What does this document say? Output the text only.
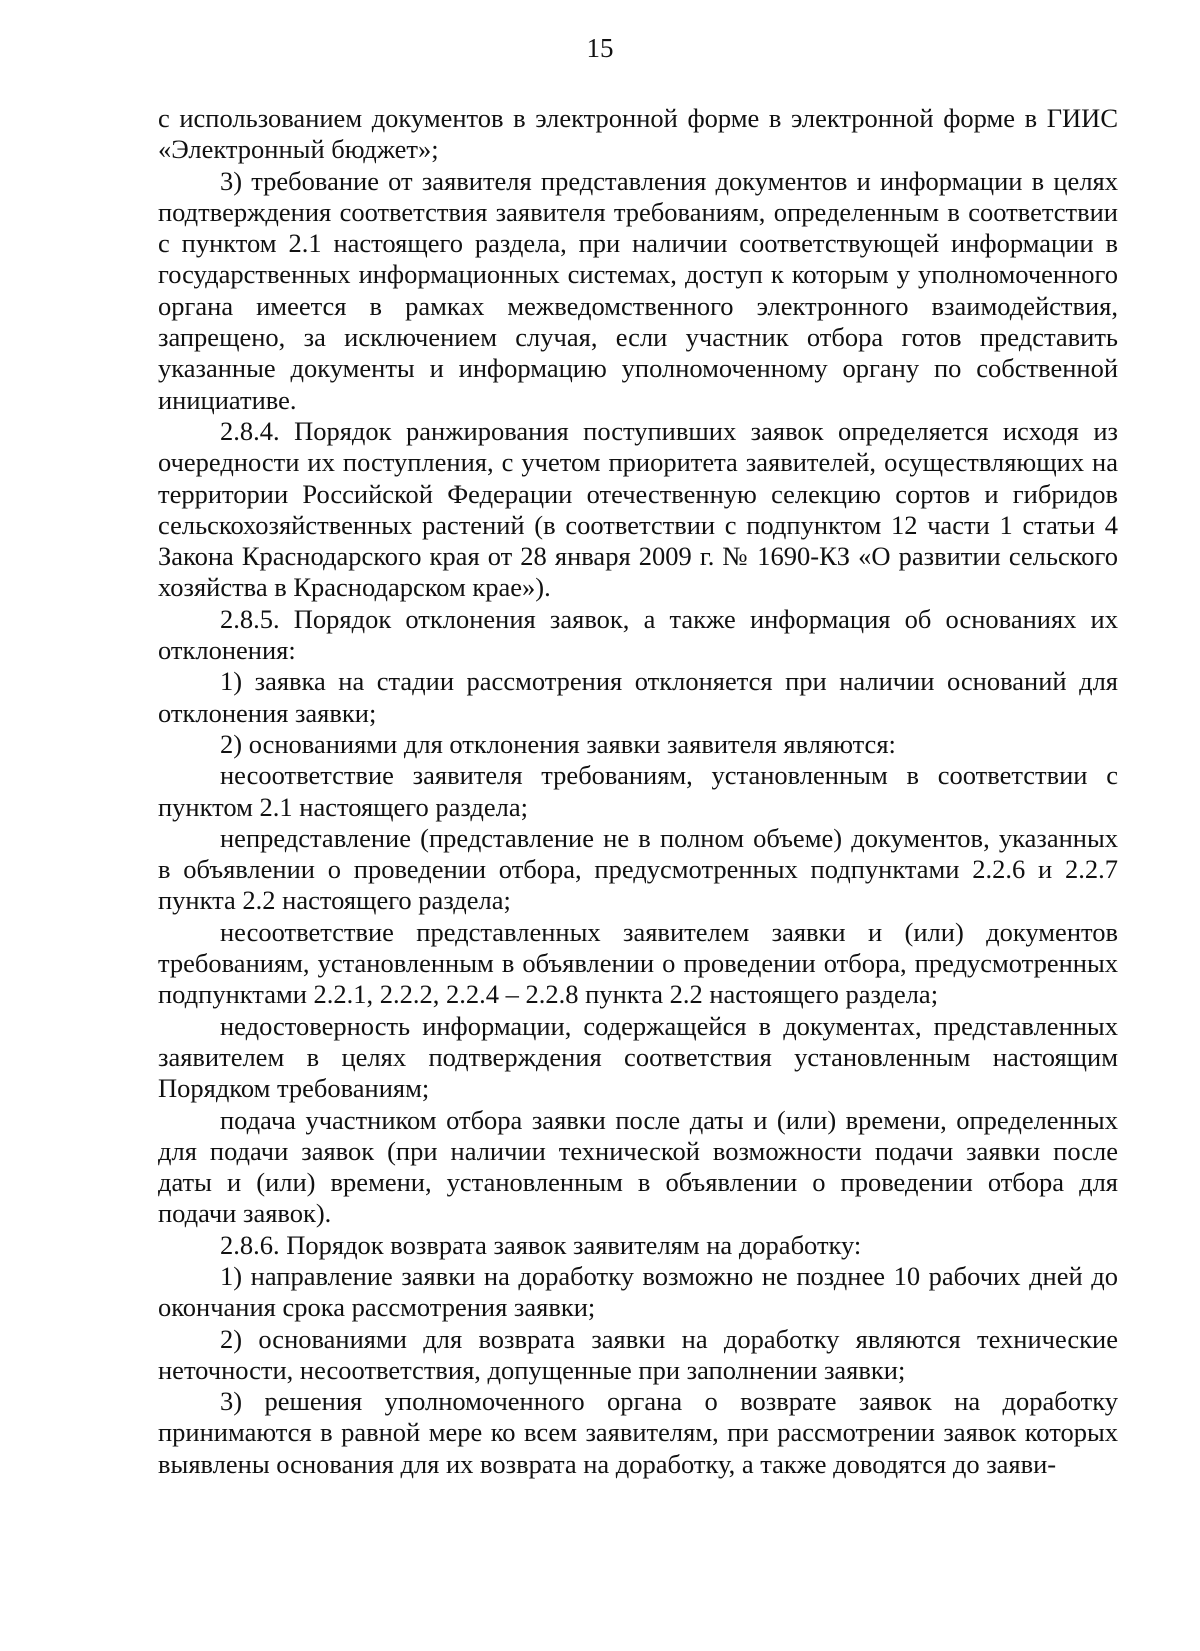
15

с использованием документов в электронной форме в электронной форме в ГИИС «Электронный бюджет»;

3) требование от заявителя представления документов и информации в целях подтверждения соответствия заявителя требованиям, определенным в соответствии с пунктом 2.1 настоящего раздела, при наличии соответствующей информации в государственных информационных системах, доступ к которым у уполномоченного органа имеется в рамках межведомственного электронного взаимодействия, запрещено, за исключением случая, если участник отбора готов представить указанные документы и информацию уполномоченному органу по собственной инициативе.

2.8.4. Порядок ранжирования поступивших заявок определяется исходя из очередности их поступления, с учетом приоритета заявителей, осуществляющих на территории Российской Федерации отечественную селекцию сортов и гибридов сельскохозяйственных растений (в соответствии с подпунктом 12 части 1 статьи 4 Закона Краснодарского края от 28 января 2009 г. № 1690-КЗ «О развитии сельского хозяйства в Краснодарском крае»).

2.8.5. Порядок отклонения заявок, а также информация об основаниях их отклонения:

1) заявка на стадии рассмотрения отклоняется при наличии оснований для отклонения заявки;

2) основаниями для отклонения заявки заявителя являются:

несоответствие заявителя требованиям, установленным в соответствии с пунктом 2.1 настоящего раздела;

непредставление (представление не в полном объеме) документов, указанных в объявлении о проведении отбора, предусмотренных подпунктами 2.2.6 и 2.2.7 пункта 2.2 настоящего раздела;

несоответствие представленных заявителем заявки и (или) документов требованиям, установленным в объявлении о проведении отбора, предусмотренных подпунктами 2.2.1, 2.2.2, 2.2.4 – 2.2.8 пункта 2.2 настоящего раздела;

недостоверность информации, содержащейся в документах, представленных заявителем в целях подтверждения соответствия установленным настоящим Порядком требованиям;

подача участником отбора заявки после даты и (или) времени, определенных для подачи заявок (при наличии технической возможности подачи заявки после даты и (или) времени, установленным в объявлении о проведении отбора для подачи заявок).

2.8.6. Порядок возврата заявок заявителям на доработку:

1) направление заявки на доработку возможно не позднее 10 рабочих дней до окончания срока рассмотрения заявки;

2) основаниями для возврата заявки на доработку являются технические неточности, несоответствия, допущенные при заполнении заявки;

3) решения уполномоченного органа о возврате заявок на доработку принимаются в равной мере ко всем заявителям, при рассмотрении заявок которых выявлены основания для их возврата на доработку, а также доводятся до заяви-
